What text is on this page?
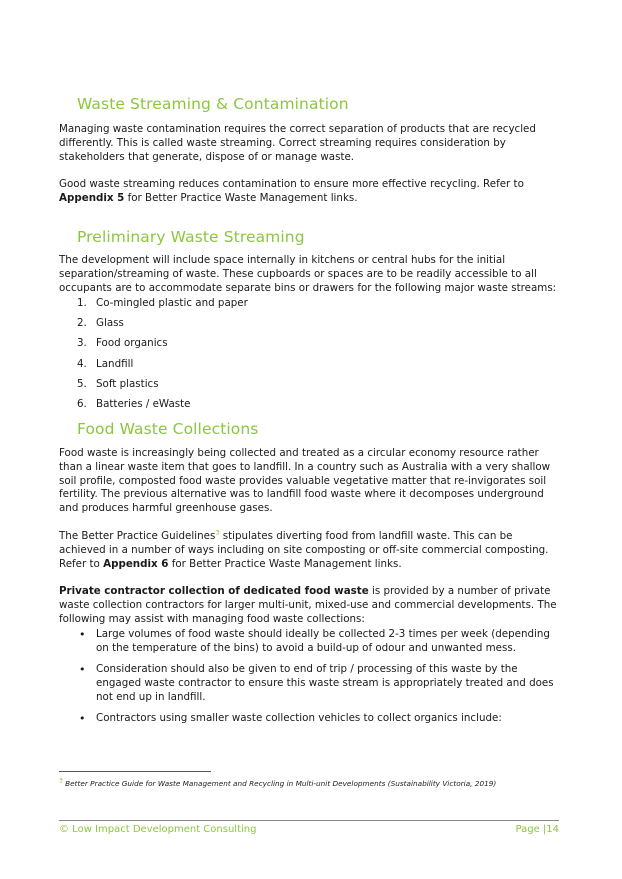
Waste Streaming & Contamination

Managing waste contamination requires the correct separation of products that are recycled differently. This is called waste streaming. Correct streaming requires consideration by stakeholders that generate, dispose of or manage waste.

Good waste streaming reduces contamination to ensure more effective recycling. Refer to Appendix 5 for Better Practice Waste Management links.

Preliminary Waste Streaming

The development will include space internally in kitchens or central hubs for the initial separation/streaming of waste. These cupboards or spaces are to be readily accessible to all occupants are to accommodate separate bins or drawers for the following major waste streams:

1. Co-mingled plastic and paper
2. Glass
3. Food organics
4. Landfill
5. Soft plastics
6. Batteries / eWaste
Food Waste Collections

Food waste is increasingly being collected and treated as a circular economy resource rather than a linear waste item that goes to landfill. In a country such as Australia with a very shallow soil profile, composted food waste provides valuable vegetative matter that re-invigorates soil fertility. The previous alternative was to landfill food waste where it decomposes underground and produces harmful greenhouse gases.

The Better Practice Guidelines$^3$ stipulates diverting food from landfill waste. This can be achieved in a number of ways including on site composting or off-site commercial composting. Refer to Appendix 6 for Better Practice Waste Management links.

Private contractor collection of dedicated food waste is provided by a number of private waste collection contractors for larger multi-unit, mixed-use and commercial developments. The following may assist with managing food waste collections:

• Large volumes of food waste should ideally be collected 2-3 times per week (depending on the temperature of the bins) to avoid a build-up of odour and unwanted mess.
• Consideration should also be given to end of trip / processing of this waste by the engaged waste contractor to ensure this waste stream is appropriately treated and does not end up in landfill.
• Contractors using smaller waste collection vehicles to collect organics include:
$^3$ Better Practice Guide for Waste Management and Recycling in Multi-unit Developments (Sustainability Victoria, 2019)
© Low Impact Development Consulting	Page |14
